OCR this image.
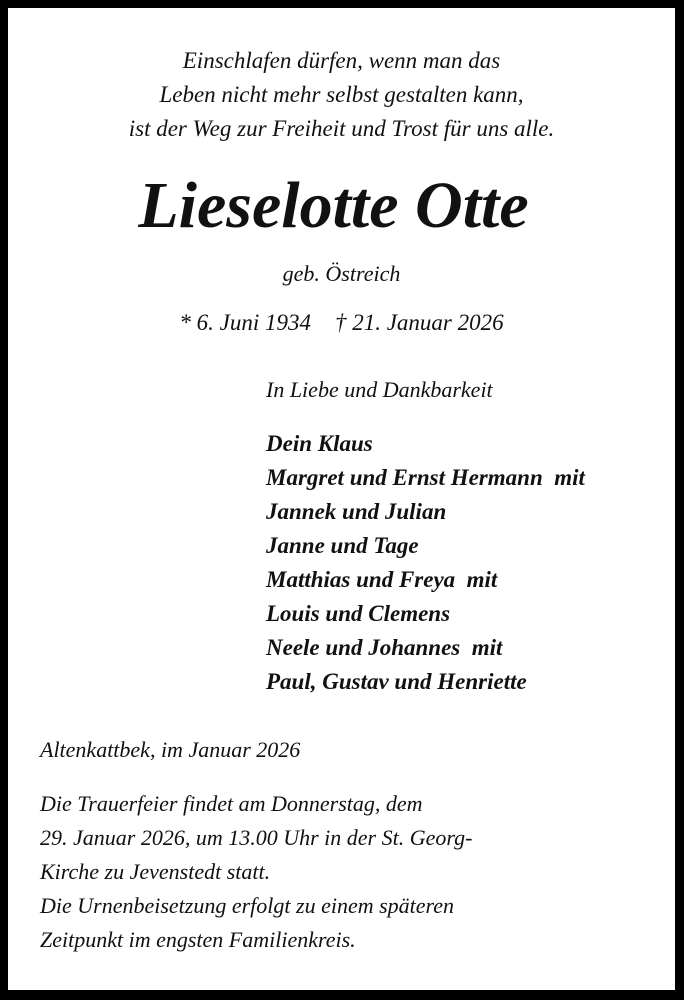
Einschlafen dürfen, wenn man das
Leben nicht mehr selbst gestalten kann,
ist der Weg zur Freiheit und Trost für uns alle.
Lieselotte Otte
geb. Östreich
* 6. Juni 1934 † 21. Januar 2026
In Liebe und Dankbarkeit
Dein Klaus
Margret und Ernst Hermann  mit
Jannek und Julian
Janne und Tage
Matthias und Freya  mit
Louis und Clemens
Neele und Johannes  mit
Paul, Gustav und Henriette
Altenkattbek, im Januar 2026
Die Trauerfeier findet am Donnerstag, dem
29. Januar 2026, um 13.00 Uhr in der St. Georg-
Kirche zu Jevenstedt statt.
Die Urnenbeisetzung erfolgt zu einem späteren
Zeitpunkt im engsten Familienkreis.
